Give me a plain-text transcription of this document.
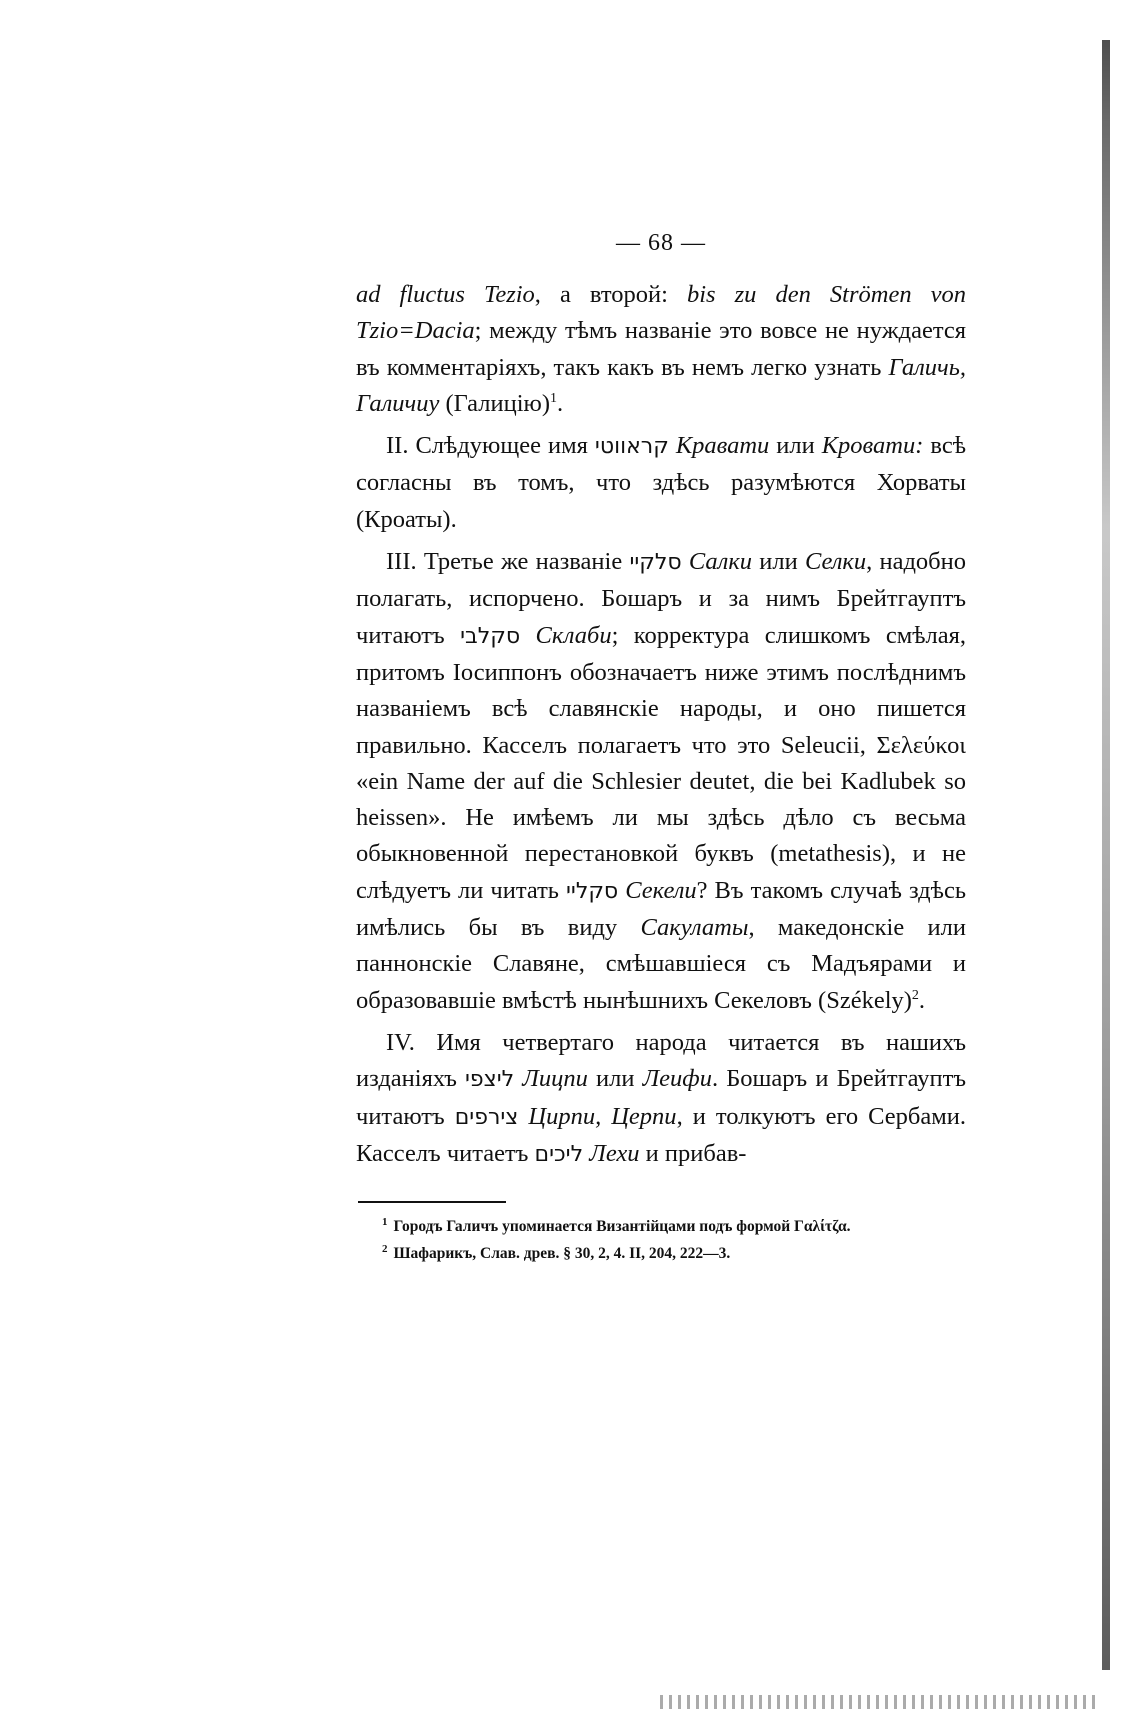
— 68 —

ad fluctus Tezio, а второй: bis zu den Strömen von Tzio=Dacia; между тѣмъ названіе это вовсе не нуждается въ комментаріяхъ, такъ какъ въ немъ легко узнать Галичь, Галичиу (Галицію)$^1$.

II. Слѣдующее имя קראווטי Кравати или Кровати: всѣ согласны въ томъ, что здѣсь разумѣются Хорваты (Кроаты).

III. Третье же названіе סלקיי Салки или Селки, надобно полагать, испорчено. Бошаръ и за нимъ Брейтгауптъ читаютъ סקלבי Склаби; корректура слишкомъ смѣлая, притомъ Іосиппонъ обозначаетъ ниже этимъ послѣднимъ названіемъ всѣ славянскіе народы, и оно пишется правильно. Касселъ полагаетъ что это Seleucii, Σελεύκοι «ein Name der auf die Schlesier deutet, die bei Kadlubek so heissen». Не имѣемъ ли мы здѣсь дѣло съ весьма обыкновенной перестановкой буквъ (metathesis), и не слѣдуетъ ли читать סקליי Секели? Въ такомъ случаѣ здѣсь имѣлись бы въ виду Сакулаты, македонскіе или паннонскіе Славяне, смѣшавшіеся съ Мадъярами и образовавшіе вмѣстѣ нынѣшнихъ Секеловъ (Székely)$^2$.

IV. Имя четвертаго народа читается въ нашихъ изданіяхъ ליצפי Лицпи или Леифи. Бошаръ и Брейтгауптъ читаютъ צירפים Цирпи, Церпи, и толкуютъ его Сербами. Касселъ читаетъ ליכים Лехи и прибав-

$^1$ Городъ Галичъ упоминается Византійцами подъ формой Γαλίτζα.

$^2$ Шафарикъ, Слав. древ. § 30, 2, 4. II, 204, 222—3.
